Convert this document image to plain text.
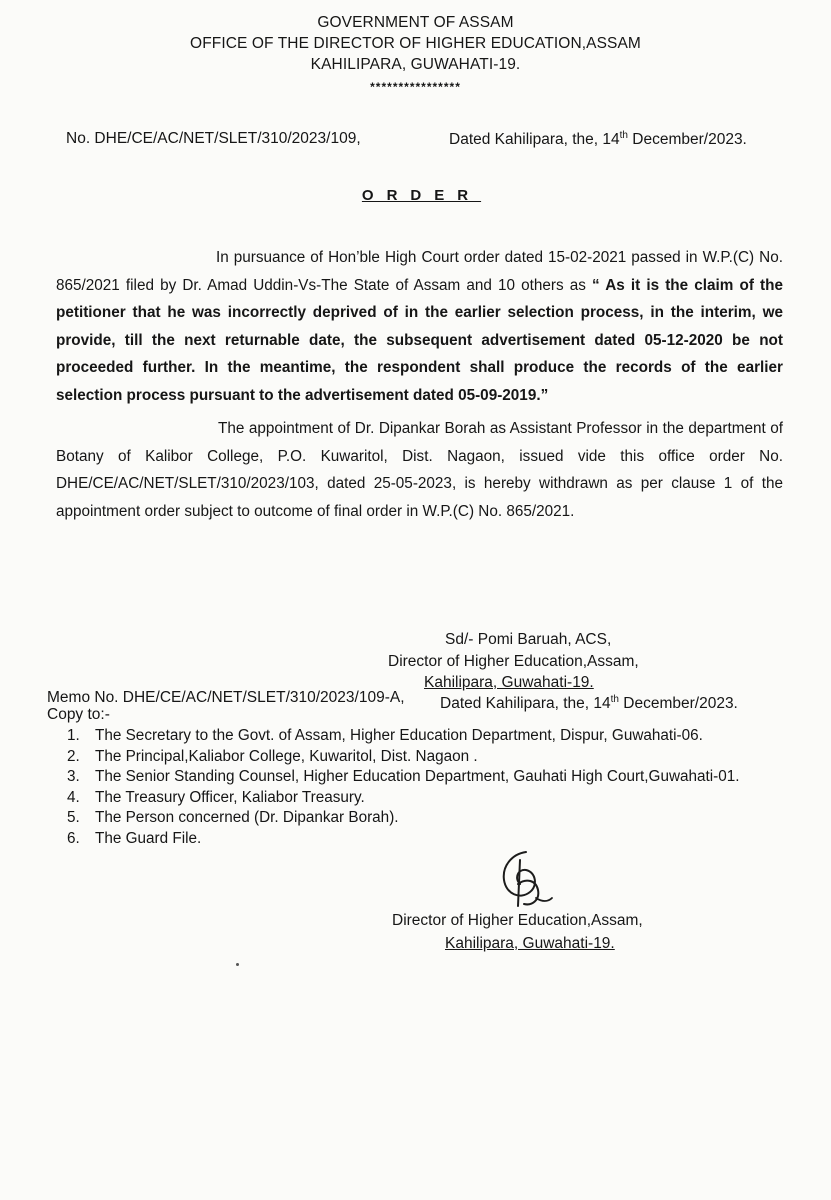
GOVERNMENT OF ASSAM
OFFICE OF THE DIRECTOR OF HIGHER EDUCATION,ASSAM
KAHILIPARA, GUWAHATI-19.
****************
No. DHE/CE/AC/NET/SLET/310/2023/109,	Dated Kahilipara, the, 14th December/2023.
ORDER

In pursuance of Hon’ble High Court order dated 15-02-2021 passed in W.P.(C) No. 865/2021 filed by Dr. Amad Uddin-Vs-The State of Assam and 10 others as “ As it is the claim of the petitioner that he was incorrectly deprived of in the earlier selection process, in the interim, we provide, till the next returnable date, the subsequent advertisement dated 05-12-2020 be not proceeded further. In the meantime, the respondent shall produce the records of the earlier selection process pursuant to the advertisement dated 05-09-2019.”

The appointment of Dr. Dipankar Borah as Assistant Professor in the department of Botany of Kalibor College, P.O. Kuwaritol, Dist. Nagaon, issued vide this office order No. DHE/CE/AC/NET/SLET/310/2023/103, dated 25-05-2023, is hereby withdrawn as per clause 1 of the appointment order subject to outcome of final order in W.P.(C) No. 865/2021.

Sd/- Pomi Baruah, ACS,
Director of Higher Education,Assam,
Kahilipara, Guwahati-19.
Memo No. DHE/CE/AC/NET/SLET/310/2023/109-A, Dated Kahilipara, the, 14th December/2023.
Copy to:-
1. The Secretary to the Govt. of Assam, Higher Education Department, Dispur, Guwahati-06.
2. The Principal,Kaliabor College, Kuwaritol, Dist. Nagaon .
3. The Senior Standing Counsel, Higher Education Department, Gauhati High Court,Guwahati-01.
4. The Treasury Officer, Kaliabor Treasury.
5. The Person concerned (Dr. Dipankar Borah).
6. The Guard File.
Director of Higher Education,Assam,
Kahilipara, Guwahati-19.
